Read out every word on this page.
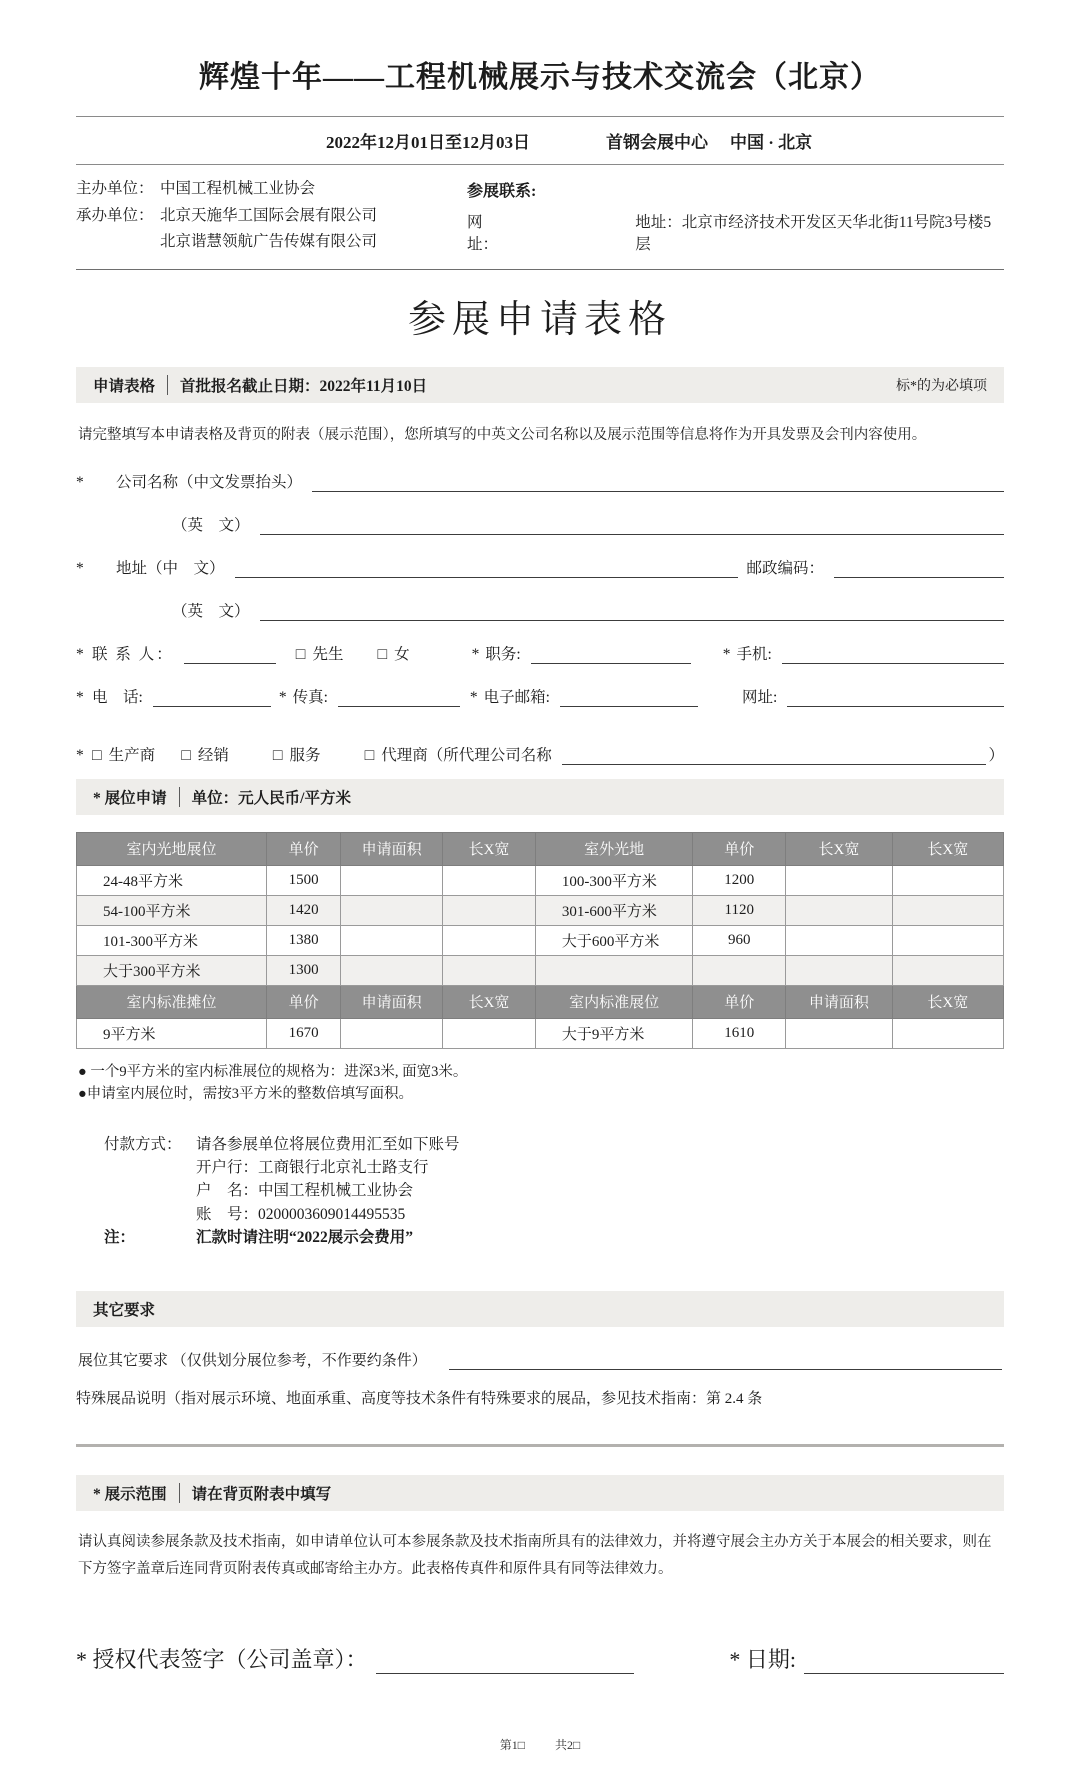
辉煌十年——工程机械展示与技术交流会（北京）
2022年12月01日至12月03日	首钢会展中心 中国 · 北京
主办单位： 中国工程机械工业协会
承办单位： 北京天施华工国际会展有限公司
北京谐慧领航广告传媒有限公司
参展联系:
网址：
地址：北京市经济技术开发区天华北街11号院3号楼5层
参展申请表格
申请表格 首批报名截止日期：2022年11月10日	标*的为必填项
请完整填写本申请表格及背页的附表（展示范围），您所填写的中英文公司名称以及展示范围等信息将作为开具发票及会刊内容使用。
*	公司名称（中文发票抬头）
（英　文）
*	地址（中　文）	邮政编码：
（英　文）
* 联 系 人：	□ 先生 □ 女	* 职务:	* 手机:
* 电　话:	* 传真:	* 电子邮箱:	网址:
* □ 生产商 □ 经销	□ 服务	□ 代理商（所代理公司名称	）
* 展位申请 单位：元人民币/平方米
室内光地展位	单价	申请面积	长X宽	室外光地	单价	长X宽	长X宽
24-48平方米	1500			100-300平方米	1200		
54-100平方米	1420			301-600平方米	1120		
101-300平方米	1380			大于600平方米	960		
大于300平方米	1300						
室内标准摊位	单价	申请面积	长X宽	室内标准展位	单价	申请面积	长X宽
9平方米	1670			大于9平方米	1610		
● 一个9平方米的室内标准展位的规格为：进深3米, 面宽3米。
●申请室内展位时，需按3平方米的整数倍填写面积。
付款方式： 请各参展单位将展位费用汇至如下账号
开户行：工商银行北京礼士路支行
户　名：中国工程机械工业协会
账　号：0200003609014495535
注：	汇款时请注明“2022展示会费用”
其它要求
展位其它要求 （仅供划分展位参考，不作要约条件）
特殊展品说明（指对展示环境、地面承重、高度等技术条件有特殊要求的展品，参见技术指南：第 2.4 条
* 展示范围 请在背页附表中填写
请认真阅读参展条款及技术指南，如申请单位认可本参展条款及技术指南所具有的法律效力，并将遵守展会主办方关于本展会的相关要求，则在下方签字盖章后连同背页附表传真或邮寄给主办方。此表格传真件和原件具有同等法律效力。
* 授权代表签字（公司盖章）：	* 日期:
第1□	共2□
